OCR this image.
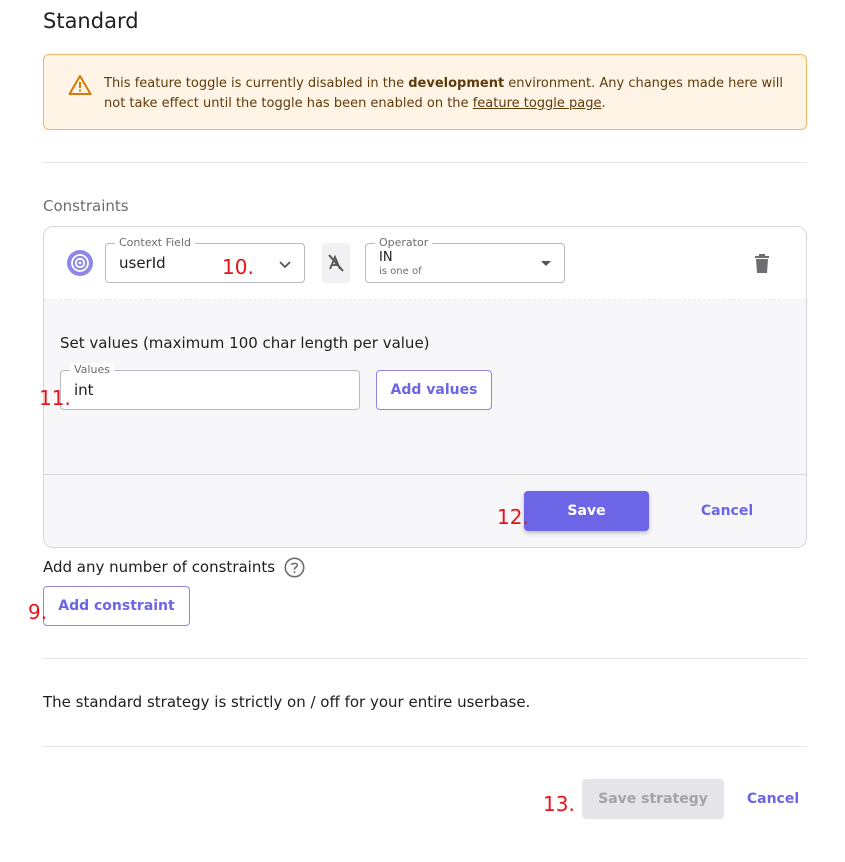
Standard
This feature toggle is currently disabled in the development environment. Any changes made here will not take effect until the toggle has been enabled on the feature toggle page.
Constraints
Context Field
userId
Operator
IN
is one of
Set values (maximum 100 char length per value)
Values
int
Add values
Save	Cancel
Add any number of constraints
Add constraint
The standard strategy is strictly on / off for your entire userbase.
Save strategy	Cancel
9.
10.
11.
12.
13.
